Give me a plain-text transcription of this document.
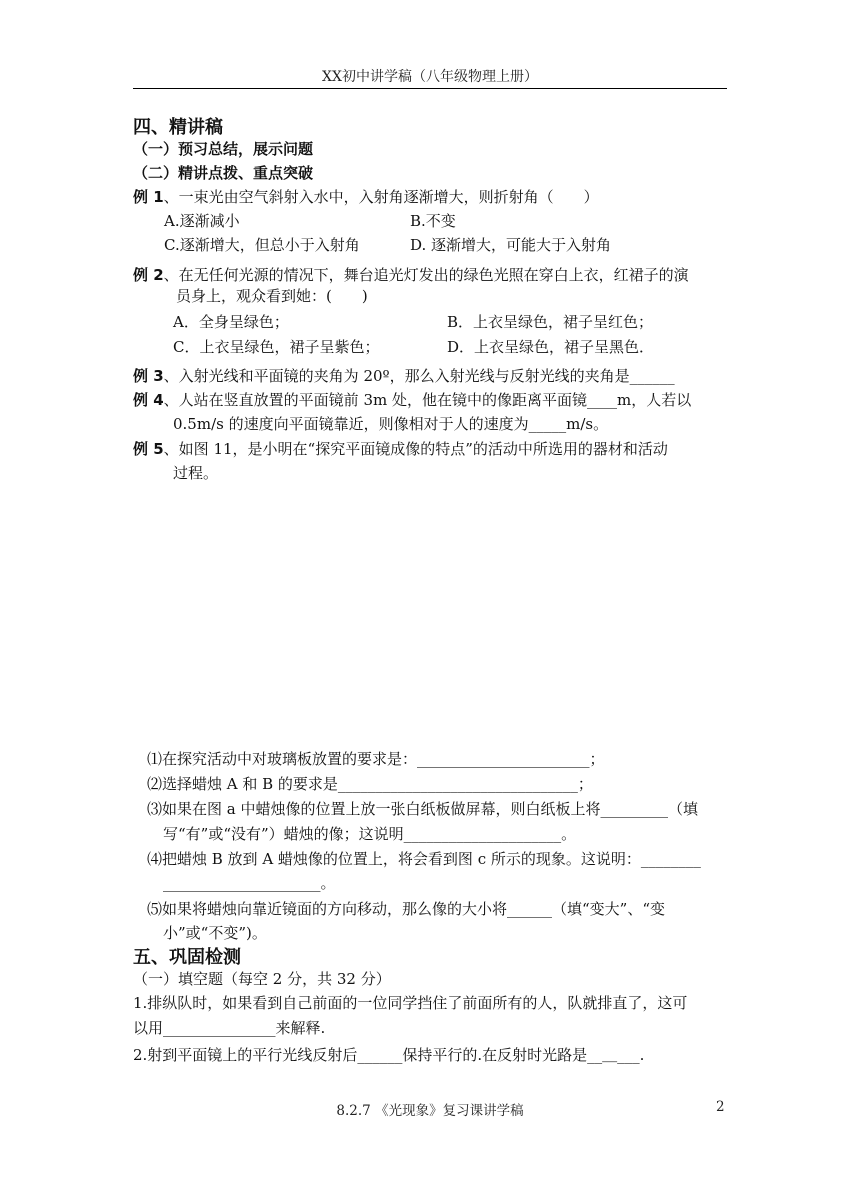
XX初中讲学稿（八年级物理上册）
四、精讲稿
（一）预习总结，展示问题
（二）精讲点拨、重点突破
例 1、一束光由空气斜射入水中，入射角逐渐增大，则折射角（　　）
A.逐渐减小	B.不变
C.逐渐增大，但总小于入射角	D. 逐渐增大，可能大于入射角
例 2、在无任何光源的情况下，舞台追光灯发出的绿色光照在穿白上衣，红裙子的演
员身上，观众看到她：(　　)
A．全身呈绿色；	B．上衣呈绿色，裙子呈红色；
C．上衣呈绿色，裙子呈紫色；	D．上衣呈绿色，裙子呈黑色．
例 3、入射光线和平面镜的夹角为 20º，那么入射光线与反射光线的夹角是______
例 4、人站在竖直放置的平面镜前 3m 处，他在镜中的像距离平面镜____m，人若以
0.5m/s 的速度向平面镜靠近，则像相对于人的速度为_____m/s。
例 5、如图 11，是小明在“探究平面镜成像的特点”的活动中所选用的器材和活动
过程。
⑴在探究活动中对玻璃板放置的要求是：_______________________；
⑵选择蜡烛 A 和 B 的要求是________________________________；
⑶如果在图 a 中蜡烛像的位置上放一张白纸板做屏幕，则白纸板上将_________（填
写“有”或“没有”）蜡烛的像；这说明_____________________。
⑷把蜡烛 B 放到 A 蜡烛像的位置上，将会看到图 c 所示的现象。这说明：________
_____________________。
⑸如果将蜡烛向靠近镜面的方向移动，那么像的大小将______（填“变大”、“变
小”或“不变”)。
五、巩固检测
（一）填空题（每空 2 分，共 32 分）
1.排纵队时，如果看到自己前面的一位同学挡住了前面所有的人，队就排直了，这可
以用_______________来解释.
2.射到平面镜上的平行光线反射后______保持平行的.在反射时光路是__＿___.
8.2.7 《光现象》复习课讲学稿	2
